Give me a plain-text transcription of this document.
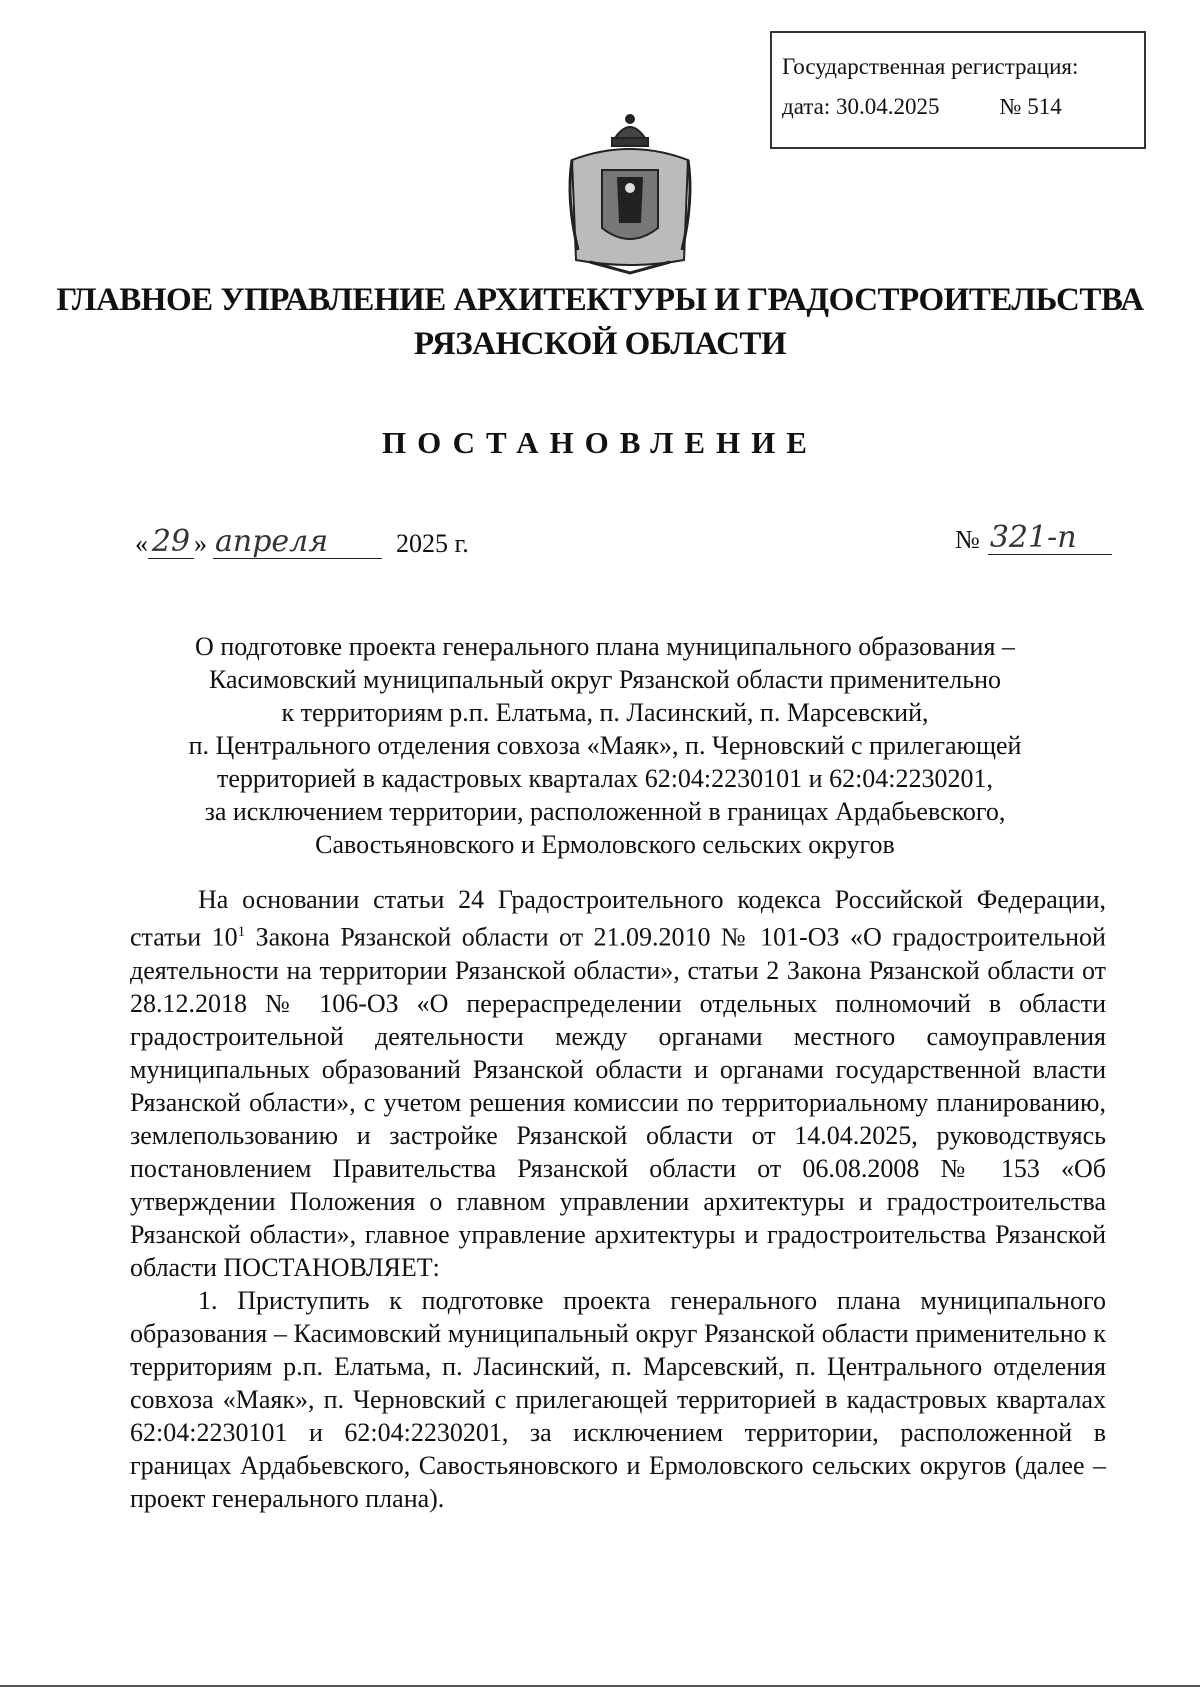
Государственная регистрация:
дата: 30.04.2025	№ 514
ГЛАВНОЕ УПРАВЛЕНИЕ АРХИТЕКТУРЫ И ГРАДОСТРОИТЕЛЬСТВА
РЯЗАНСКОЙ ОБЛАСТИ
ПОСТАНОВЛЕНИЕ
« 29 » апреля	2025 г.	№ 321-п
О подготовке проекта генерального плана муниципального образования –
Касимовский муниципальный округ Рязанской области применительно
к территориям р.п. Елатьма, п. Ласинский, п. Марсевский,
п. Центрального отделения совхоза «Маяк», п. Черновский с прилегающей
территорией в кадастровых кварталах 62:04:2230101 и 62:04:2230201,
за исключением территории, расположенной в границах Ардабьевского,
Савостьяновского и Ермоловского сельских округов

На основании статьи 24 Градостроительного кодекса Российской Федерации, статьи $10^1$ Закона Рязанской области от 21.09.2010 № 101-ОЗ «О градостроительной деятельности на территории Рязанской области», статьи 2 Закона Рязанской области от 28.12.2018 № 106-ОЗ «О перераспределении отдельных полномочий в области градостроительной деятельности между органами местного самоуправления муниципальных образований Рязанской области и органами государственной власти Рязанской области», с учетом решения комиссии по территориальному планированию, землепользованию и застройке Рязанской области от 14.04.2025, руководствуясь постановлением Правительства Рязанской области от 06.08.2008 № 153 «Об утверждении Положения о главном управлении архитектуры и градостроительства Рязанской области», главное управление архитектуры и градостроительства Рязанской области ПОСТАНОВЛЯЕТ:

1. Приступить к подготовке проекта генерального плана муниципального образования – Касимовский муниципальный округ Рязанской области применительно к территориям р.п. Елатьма, п. Ласинский, п. Марсевский, п. Центрального отделения совхоза «Маяк», п. Черновский с прилегающей территорией в кадастровых кварталах 62:04:2230101 и 62:04:2230201, за исключением территории, расположенной в границах Ардабьевского, Савостьяновского и Ермоловского сельских округов (далее – проект генерального плана).
